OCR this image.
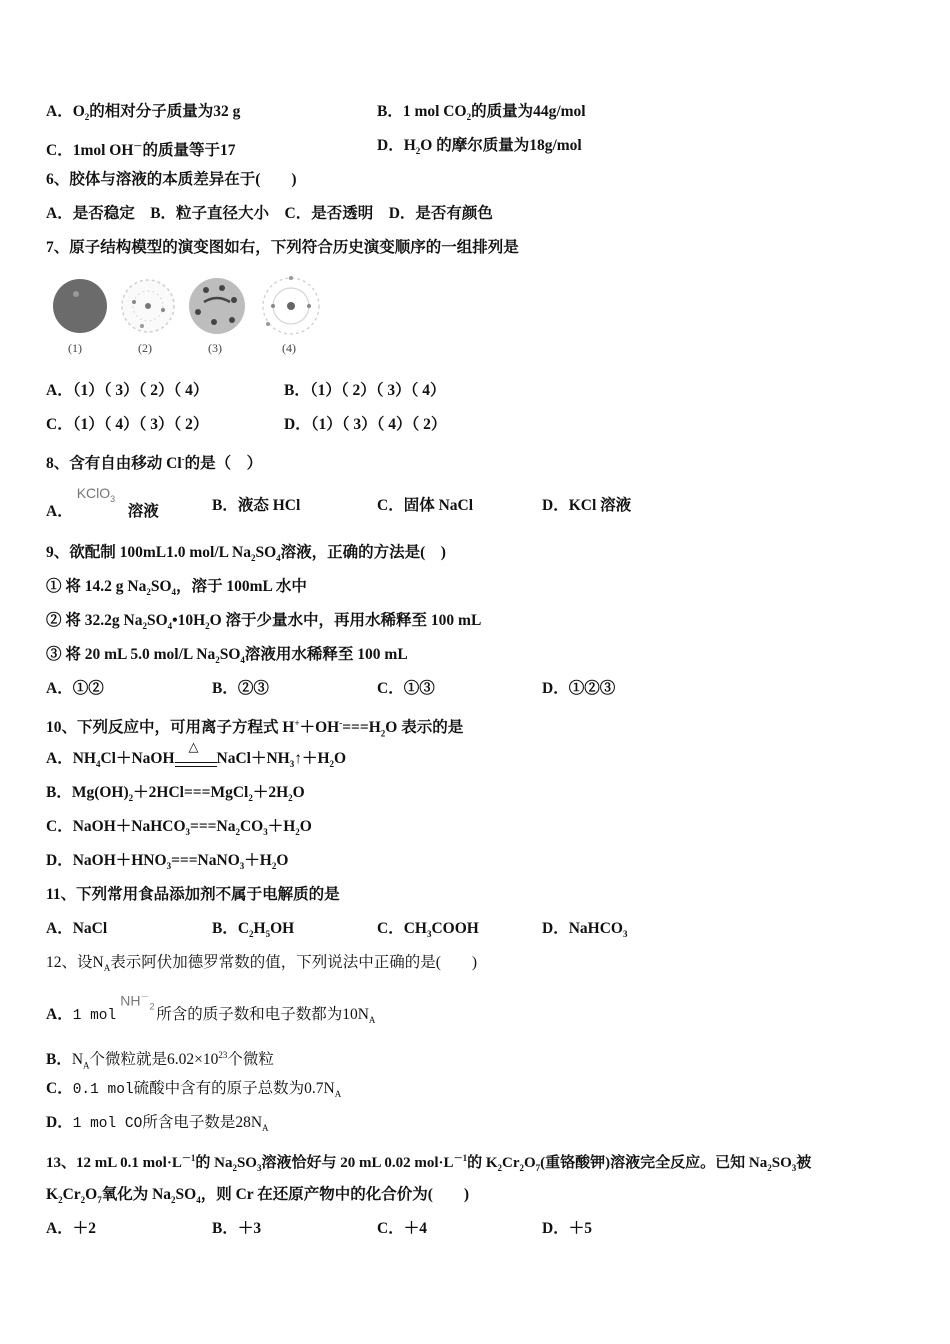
A．$O_2$的相对分子质量为32 g	B．1 mol $CO_2$的质量为44g/mol
C．1mol OH－的质量等于17	D．$H_2O$ 的摩尔质量为18g/mol
6、胶体与溶液的本质差异在于(　　)
A．是否稳定　B．粒子直径大小　C．是否透明　D．是否有颜色
7、原子结构模型的演变图如右，下列符合历史演变顺序的一组排列是
(1)	(2)	(3)	(4)
A．（1）（ 3）（ 2）（ 4）	B．（1）（ 2）（ 3）（ 4）
C．（1）（ 4）（ 3）（ 2）	D．（1）（ 3）（ 4）（ 2）
8、含有自由移动 Cl-的是（　）
A．
KClO$_3$
溶液	B．液态 HCl	C．固体 NaCl	D．KCl 溶液
9、欲配制 100mL1.0 mol/L $Na_2SO_4$溶液，正确的方法是(　)
① 将 14.2 g $Na_2SO_4$，溶于 100mL 水中
② 将 32.2g $Na_2SO_4•10H_2O$ 溶于少量水中，再用水稀释至 100 mL
③ 将 20 mL 5.0 mol/L $Na_2SO_4$溶液用水稀释至 100 mL
A．①②	B．②③	C．①③	D．①②③
10、下列反应中，可用离子方程式 $H^++OH^-===H_2O$ 表示的是
A．$NH_4Cl+NaOH$
△
$NaCl+NH_3↑+H_2O$
B．$Mg(OH)_2+2HCl===MgCl_2+2H_2O$
C．$NaOH+NaHCO_3===Na_2CO_3+H_2O$
D．$NaOH+HNO_3===NaNO_3+H_2O$
11、下列常用食品添加剂不属于电解质的是
A．NaCl	B．$C_2H_5OH$	C．$CH_3COOH$	D．NaHCO$_3$
12、设$N_A$表示阿伏加德罗常数的值，下列说法中正确的是(　　)
A．1 mol
$NH^-_2$ 所含的质子数和电子数都为$10N_A$
B．$N_A$个微粒就是$6.02\times 10^{23}$个微粒
C．0.1 mol硫酸中含有的原子总数为$0.7N_A$
D．1 mol CO所含电子数是$28N_A$
13、12 mL 0.1 $mol\cdot L^{-1}$的 $Na_2SO_3$溶液恰好与 20 mL 0.02 $mol\cdot L^{-1}$的 $K_2Cr_2O_7$(重铬酸钾)溶液完全反应。已知 $Na_2SO_3$被
$K_2Cr_2O_7$氧化为 $Na_2SO_4$，则 Cr 在还原产物中的化合价为(　　)
A．＋2	B．＋3	C．＋4	D．＋5
